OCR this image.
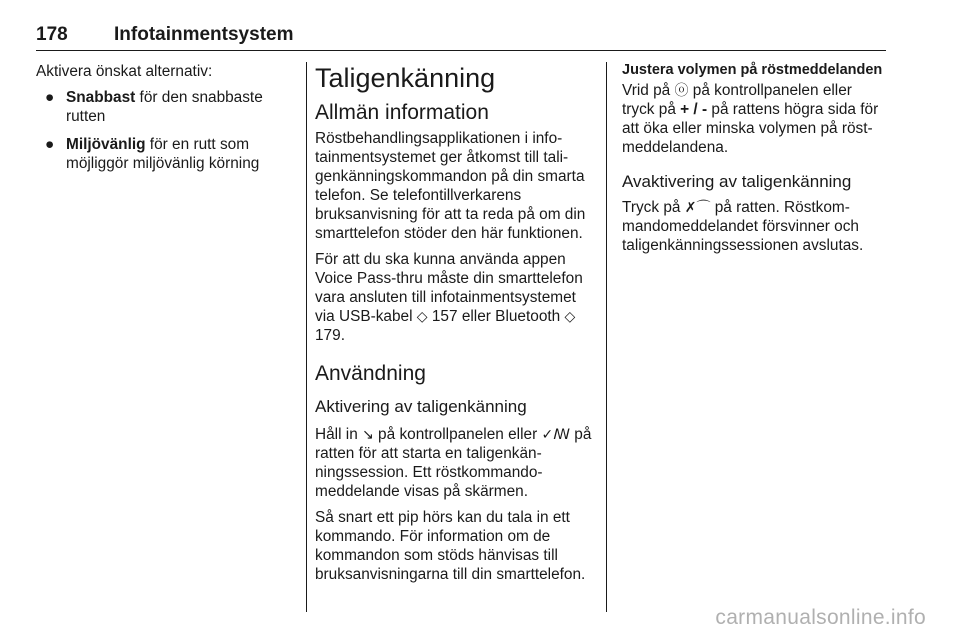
178 Infotainmentsystem

Aktivera önskat alternativ:

● Snabbast för den snabbaste rutten
● Miljövänlig för en rutt som möjliggör miljövänlig körning
Taligenkänning
Allmän information

Röstbehandlingsapplikationen i infotainmentsystemet ger åtkomst till taligenkänningskommandon på din smarta telefon. Se telefontillverkarens bruksanvisning för att ta reda på om din smarttelefon stöder den här funktionen.

För att du ska kunna använda appen Voice Pass-thru måste din smarttelefon vara ansluten till infotainmentsystemet via USB-kabel ◇ 157 eller Bluetooth ◇ 179.

Användning
Aktivering av taligenkänning

Håll in ↘ på kontrollpanelen eller ✓ꟿ på ratten för att starta en taligenkänningssession. Ett röstkommandomeddelande visas på skärmen.

Så snart ett pip hörs kan du tala in ett kommando. För information om de kommandon som stöds hänvisas till bruksanvisningarna till din smarttelefon.

Justera volymen på röstmeddelanden

Vrid på ⓞ på kontrollpanelen eller tryck på + / - på rattens högra sida för att öka eller minska volymen på röstmeddelandena.

Avaktivering av taligenkänning

Tryck på ✗⌒ på ratten. Röstkommandomeddelandet försvinner och taligenkänningssessionen avslutas.

carmanualsonline.info
